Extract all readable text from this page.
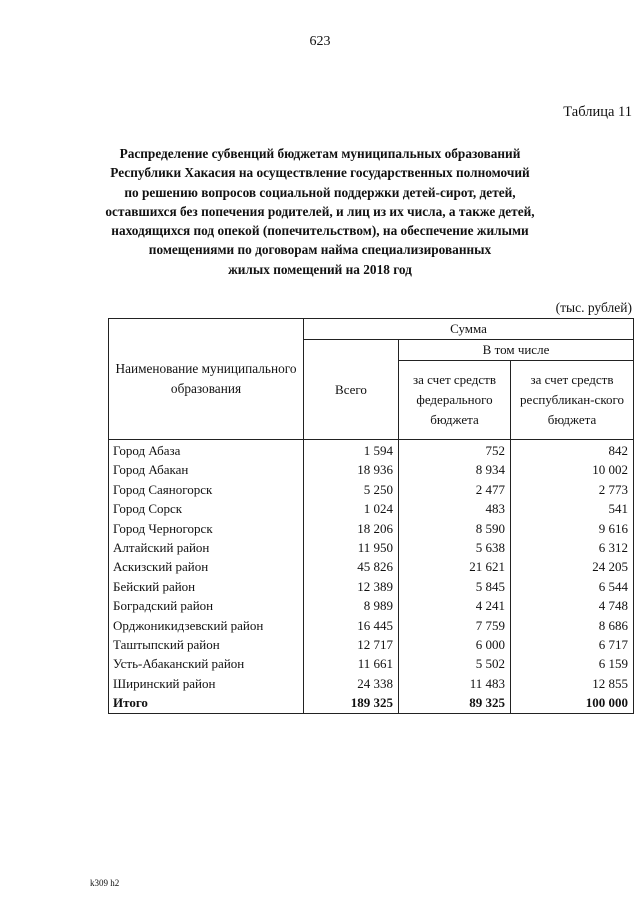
623
Таблица 11
Распределение субвенций бюджетам муниципальных образований
Республики Хакасия на осуществление государственных полномочий
по решению вопросов социальной поддержки детей-сирот, детей,
оставшихся без попечения родителей, и лиц из их числа, а также детей,
находящихся под опекой (попечительством), на обеспечение жилыми
помещениями по договорам найма специализированных
жилых помещений на 2018 год
(тыс. рублей)
Наименование муниципального образования	Сумма		
	Всего	В том числе	
		за счет средств федерального бюджета	за счет средств республикан-ского бюджета
Город Абаза	1 594	752	842
Город Абакан	18 936	8 934	10 002
Город Саяногорск	5 250	2 477	2 773
Город Сорск	1 024	483	541
Город Черногорск	18 206	8 590	9 616
Алтайский район	11 950	5 638	6 312
Аскизский район	45 826	21 621	24 205
Бейский район	12 389	5 845	6 544
Боградский район	8 989	4 241	4 748
Орджоникидзевский район	16 445	7 759	8 686
Таштыпский район	12 717	6 000	6 717
Усть-Абаканский район	11 661	5 502	6 159
Ширинский район	24 338	11 483	12 855
Итого	189 325	89 325	100 000
k309 h2
